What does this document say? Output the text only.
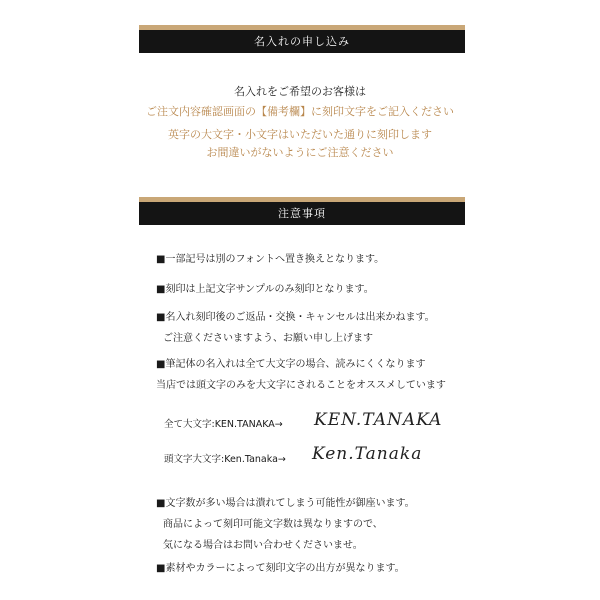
名入れの申し込み
名入れをご希望のお客様は
ご注文内容確認画面の【備考欄】に刻印文字をご記入ください
英字の大文字・小文字はいただいた通りに刻印します
お間違いがないようにご注意ください
注意事項
■一部記号は別のフォントへ置き換えとなります。
■刻印は上記文字サンプルのみ刻印となります。
■名入れ刻印後のご返品・交換・キャンセルは出来かねます。
ご注意くださいますよう、お願い申し上げます
■筆記体の名入れは全て大文字の場合、読みにくくなります
当店では頭文字のみを大文字にされることをオススメしています
全て大文字:KEN.TANAKA→ KEN.TANAKA
頭文字大文字:Ken.Tanaka→ Ken.Tanaka
■文字数が多い場合は潰れてしまう可能性が御座います。
商品によって刻印可能文字数は異なりますので、
気になる場合はお問い合わせくださいませ。
■素材やカラーによって刻印文字の出方が異なります。
